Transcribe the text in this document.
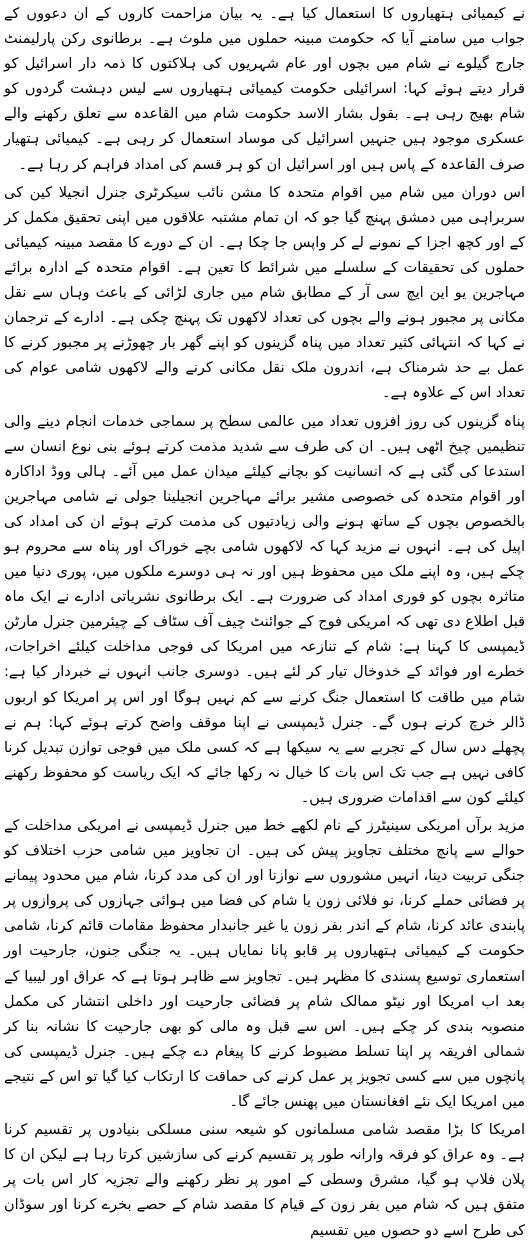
نے کیمیائی ہتھیاروں کا استعمال کیا ہے۔ یہ بیان مزاحمت کاروں کے ان دعووں کے جواب میں سامنے آیا کہ حکومت مبینہ حملوں میں ملوث ہے۔ برطانوی رکن پارلیمنٹ جارج گیلوے نے شام میں بچوں اور عام شہریوں کی ہلاکتوں کا ذمہ دار اسرائیل کو قرار دیتے ہوئے کہا: اسرائیلی حکومت کیمیائی ہتھیاروں سے لیس دہشت گردوں کو شام بھیج رہی ہے۔ بقول بشار الاسد حکومت شام میں القاعدہ سے تعلق رکھنے والے عسکری موجود ہیں جنہیں اسرائیل کی موساد استعمال کر رہی ہے۔ کیمیائی ہتھیار صرف القاعدہ کے پاس ہیں اور اسرائیل ان کو ہر قسم کی امداد فراہم کر رہا ہے۔

اس دوران میں شام میں اقوام متحدہ کا مشن نائب سیکرٹری جنرل انجیلا کین کی سربراہی میں دمشق پہنچ گیا جو کہ ان تمام مشتبہ علاقوں میں اپنی تحقیق مکمل کر کے اور کچھ اجزا کے نمونے لے کر واپس جا چکا ہے۔ ان کے دورے کا مقصد مبینہ کیمیائی حملوں کی تحقیقات کے سلسلے میں شرائط کا تعین ہے۔ اقوام متحدہ کے ادارہ برائے مہاجرین یو این ایچ سی آر کے مطابق شام میں جاری لڑائی کے باعث وہاں سے نقل مکانی پر مجبور ہونے والے بچوں کی تعداد لاکھوں تک پہنچ چکی ہے۔ ادارے کے ترجمان نے کہا کہ انتہائی کثیر تعداد میں پناہ گزینوں کو اپنے گھر بار چھوڑنے پر مجبور کرنے کا عمل بے حد شرمناک ہے، اندرون ملک نقل مکانی کرنے والے لاکھوں شامی عوام کی تعداد اس کے علاوہ ہے۔

پناہ گزینوں کی روز افزوں تعداد میں عالمی سطح پر سماجی خدمات انجام دینے والی تنظیمیں چیخ اٹھی ہیں۔ ان کی طرف سے شدید مذمت کرتے ہوئے بنی نوع انسان سے استدعا کی گئی ہے کہ انسانیت کو بچانے کیلئے میدان عمل میں آئے۔ ہالی ووڈ اداکارہ اور اقوام متحدہ کی خصوصی مشیر برائے مہاجرین انجیلینا جولی نے شامی مہاجرین بالخصوص بچوں کے ساتھ ہونے والی زیادتیوں کی مذمت کرتے ہوئے ان کی امداد کی اپیل کی ہے۔ انہوں نے مزید کہا کہ لاکھوں شامی بچے خوراک اور پناہ سے محروم ہو چکے ہیں، وہ اپنے ملک میں محفوظ ہیں اور نہ ہی دوسرے ملکوں میں، پوری دنیا میں متاثرہ بچوں کو فوری امداد کی ضرورت ہے۔ ایک برطانوی نشریاتی ادارے نے ایک ماہ قبل اطلاع دی تھی کہ امریکی فوج کے جوائنٹ چیف آف سٹاف کے چیئرمین جنرل مارٹن ڈیمپسی کا کہنا ہے: شام کے تنازعہ میں امریکا کی فوجی مداخلت کیلئے اخراجات، خطرے اور فوائد کے خدوخال تیار کر لئے ہیں۔ دوسری جانب انہوں نے خبردار کیا ہے: شام میں طاقت کا استعمال جنگ کرنے سے کم نہیں ہوگا اور اس پر امریکا کو اربوں ڈالر خرچ کرنے ہوں گے۔ جنرل ڈیمپسی نے اپنا موقف واضح کرتے ہوئے کہا: ہم نے پچھلے دس سال کے تجربے سے یہ سیکھا ہے کہ کسی ملک میں فوجی توازن تبدیل کرنا کافی نہیں ہے جب تک اس بات کا خیال نہ رکھا جائے کہ ایک ریاست کو محفوظ رکھنے کیلئے کون سے اقدامات ضروری ہیں۔

مزید برآں امریکی سینیٹرز کے نام لکھے خط میں جنرل ڈیمپسی نے امریکی مداخلت کے حوالے سے پانچ مختلف تجاویز پیش کی ہیں۔ ان تجاویز میں شامی حزب اختلاف کو جنگی تربیت دینا، انہیں مشوروں سے نوازنا اور ان کی مدد کرنا، شام میں محدود پیمانے پر فضائی حملے کرنا، نو فلائی زون یا شام کی فضا میں ہوائی جہازوں کی پروازوں پر پابندی عائد کرنا، شام کے اندر بفر زون یا غیر جانبدار محفوظ مقامات قائم کرنا، شامی حکومت کے کیمیائی ہتھیاروں پر قابو پانا نمایاں ہیں۔ یہ جنگی جنون، جارحیت اور استعماری توسیع پسندی کا مظہر ہیں۔ تجاویز سے ظاہر ہوتا ہے کہ عراق اور لیبیا کے بعد اب امریکا اور نیٹو ممالک شام پر فضائی جارحیت اور داخلی انتشار کی مکمل منصوبہ بندی کر چکے ہیں۔ اس سے قبل وہ مالی کو بھی جارحیت کا نشانہ بنا کر شمالی افریقہ پر اپنا تسلط مضبوط کرنے کا پیغام دے چکے ہیں۔ جنرل ڈیمپسی کی پانچوں میں سے کسی تجویز پر عمل کرنے کی حماقت کا ارتکاب کیا گیا تو اس کے نتیجے میں امریکا ایک نئے افغانستان میں پھنس جائے گا۔

امریکا کا بڑا مقصد شامی مسلمانوں کو شیعہ سنی مسلکی بنیادوں پر تقسیم کرنا ہے۔ وہ عراق کو فرقہ وارانہ طور پر تقسیم کرنے کی سازشیں کرتا رہا ہے لیکن ان کا پلان فلاپ ہو گیا، مشرق وسطی کے امور پر نظر رکھنے والے تجزیہ کار اس بات پر متفق ہیں کہ شام میں بفر زون کے قیام کا مقصد شام کے حصے بخرے کرنا اور سوڈان کی طرح اسے دو حصوں میں تقسیم
